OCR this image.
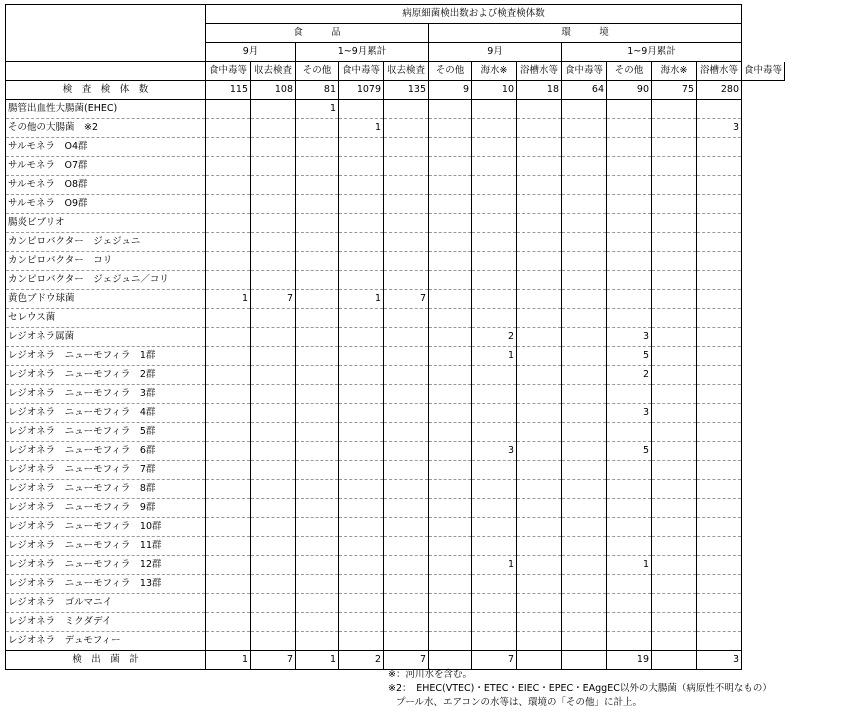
	病原細菌検出数および検査検体数												
	食　　　品					環　　　境							
	9月		1~9月累計			9月			1~9月累計				
	食中毒等	収去検査	その他	食中毒等	収去検査	その他	海水※	浴槽水等	食中毒等	その他	海水※	浴槽水等	食中毒等
検　査　検　体　数	115	108	81	1079	135	9	10	18	64	90	75	280	
腸管出血性大腸菌(EHEC)			1										
その他の大腸菌　※2				1								3	
サルモネラ　O4群													
サルモネラ　O7群													
サルモネラ　O8群													
サルモネラ　O9群													
腸炎ビブリオ													
カンピロバクター　ジェジュニ													
カンピロバクター　コリ													
カンピロバクター　ジェジュニ／コリ													
黄色ブドウ球菌	1	7		1	7								
セレウス菌													
レジオネラ属菌							2			3			
レジオネラ　ニューモフィラ　1群							1			5			
レジオネラ　ニューモフィラ　2群										2			
レジオネラ　ニューモフィラ　3群													
レジオネラ　ニューモフィラ　4群										3			
レジオネラ　ニューモフィラ　5群													
レジオネラ　ニューモフィラ　6群							3			5			
レジオネラ　ニューモフィラ　7群													
レジオネラ　ニューモフィラ　8群													
レジオネラ　ニューモフィラ　9群													
レジオネラ　ニューモフィラ　10群													
レジオネラ　ニューモフィラ　11群													
レジオネラ　ニューモフィラ　12群							1			1			
レジオネラ　ニューモフィラ　13群													
レジオネラ　ゴルマニイ													
レジオネラ　ミクダデイ													
レジオネラ　デュモフィー													
検　出　菌　計	1	7	1	2	7		7			19		3	
※：河川水を含む。
※2：　EHEC(VTEC)・ETEC・EIEC・EPEC・EAggEC以外の大腸菌（病原性不明なもの）
プール水、エアコンの水等は、環境の「その他」に計上。
